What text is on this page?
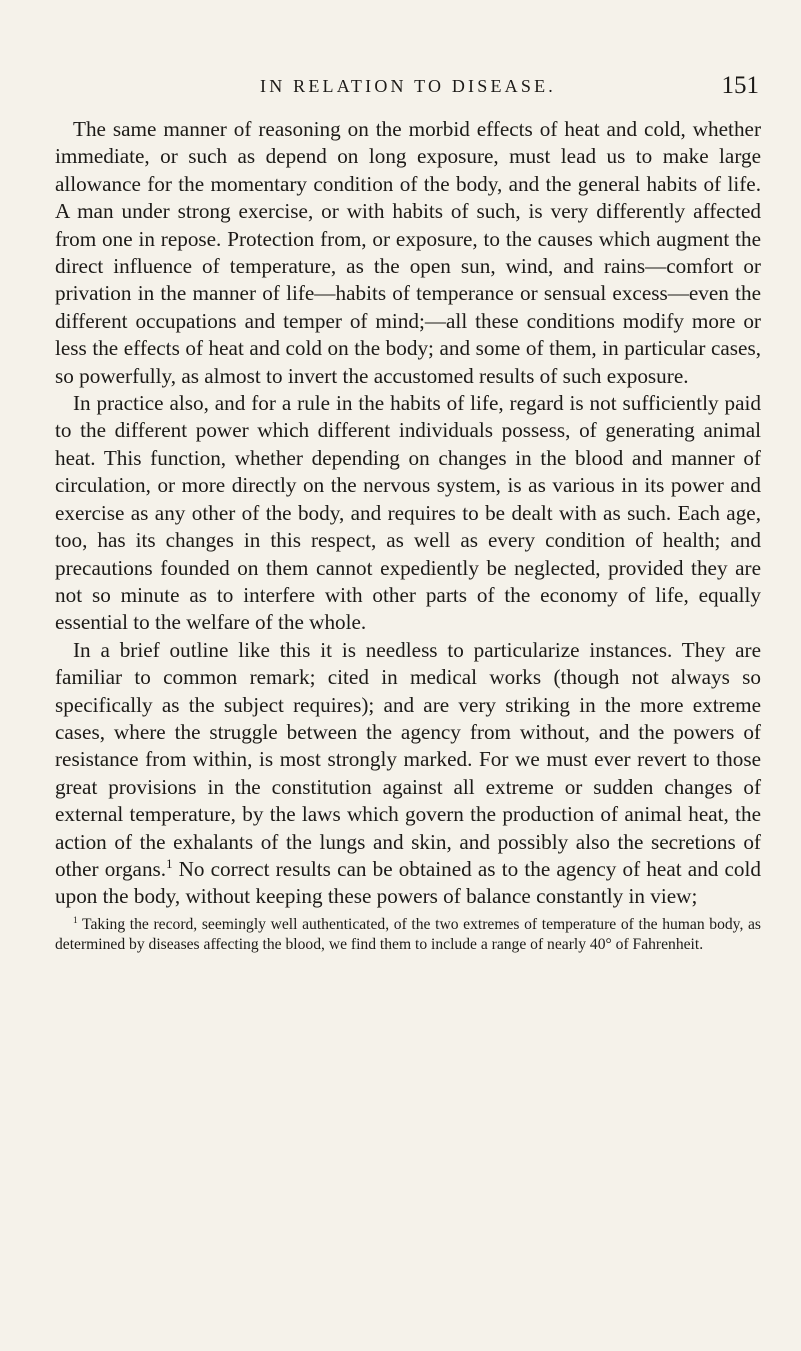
IN RELATION TO DISEASE.	151

The same manner of reasoning on the morbid effects of heat and cold, whether immediate, or such as depend on long exposure, must lead us to make large allowance for the momentary condition of the body, and the general habits of life. A man under strong exercise, or with habits of such, is very differently affected from one in repose. Protection from, or exposure, to the causes which augment the direct influence of temperature, as the open sun, wind, and rains—comfort or privation in the manner of life—habits of temperance or sensual excess—even the different occupations and temper of mind;—all these conditions modify more or less the effects of heat and cold on the body; and some of them, in particular cases, so powerfully, as almost to invert the accustomed results of such exposure.

In practice also, and for a rule in the habits of life, regard is not sufficiently paid to the different power which different individuals possess, of generating animal heat. This function, whether depending on changes in the blood and manner of circulation, or more directly on the nervous system, is as various in its power and exercise as any other of the body, and requires to be dealt with as such. Each age, too, has its changes in this respect, as well as every condition of health; and precautions founded on them cannot expediently be neglected, provided they are not so minute as to interfere with other parts of the economy of life, equally essential to the welfare of the whole.

In a brief outline like this it is needless to particularize instances. They are familiar to common remark; cited in medical works (though not always so specifically as the subject requires); and are very striking in the more extreme cases, where the struggle between the agency from without, and the powers of resistance from within, is most strongly marked. For we must ever revert to those great provisions in the constitution against all extreme or sudden changes of external temperature, by the laws which govern the production of animal heat, the action of the exhalants of the lungs and skin, and possibly also the secretions of other organs.$^1$ No correct results can be obtained as to the agency of heat and cold upon the body, without keeping these powers of balance constantly in view;

$^1$ Taking the record, seemingly well authenticated, of the two extremes of temperature of the human body, as determined by diseases affecting the blood, we find them to include a range of nearly 40° of Fahrenheit.
